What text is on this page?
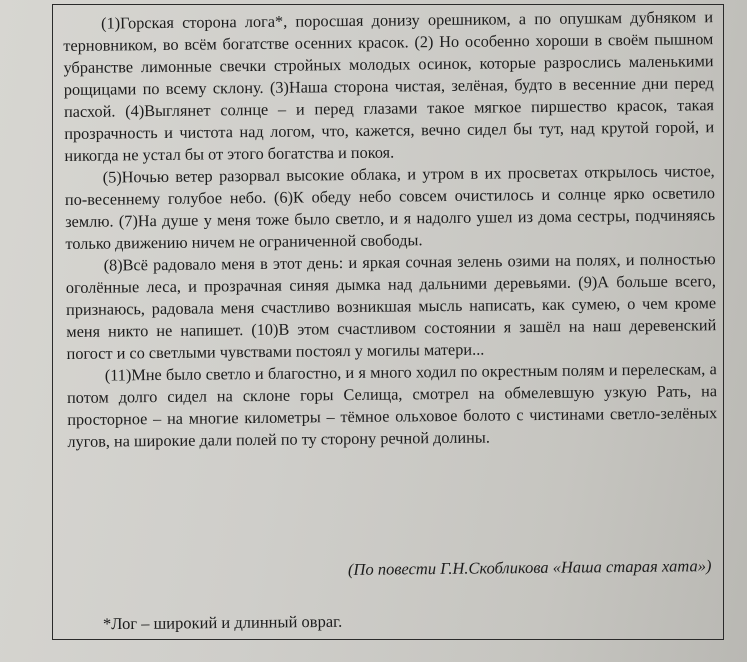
(1)Горская сторона лога*, поросшая донизу орешником, а по опушкам дубняком и терновником, во всём богатстве осенних красок. (2) Но особенно хороши в своём пышном убранстве лимонные свечки стройных молодых осинок, которые разрослись маленькими рощицами по всему склону. (3)Наша сторона чистая, зелёная, будто в весенние дни перед пасхой. (4)Выглянет солнце – и перед глазами такое мягкое пиршество красок, такая прозрачность и чистота над логом, что, кажется, вечно сидел бы тут, над крутой горой, и никогда не устал бы от этого богатства и покоя.

(5)Ночью ветер разорвал высокие облака, и утром в их просветах открылось чистое, по-весеннему голубое небо. (6)К обеду небо совсем очистилось и солнце ярко осветило землю. (7)На душе у меня тоже было светло, и я надолго ушел из дома сестры, подчиняясь только движению ничем не ограниченной свободы.

(8)Всё радовало меня в этот день: и яркая сочная зелень озими на полях, и полностью оголённые леса, и прозрачная синяя дымка над дальними деревьями. (9)А больше всего, признаюсь, радовала меня счастливо возникшая мысль написать, как сумею, о чем кроме меня никто не напишет. (10)В этом счастливом состоянии я зашёл на наш деревенский погост и со светлыми чувствами постоял у могилы матери...

(11)Мне было светло и благостно, и я много ходил по окрестным полям и перелескам, а потом долго сидел на склоне горы Селища, смотрел на обмелевшую узкую Рать, на просторное – на многие километры – тёмное ольховое болото с чистинами светло-зелёных лугов, на широкие дали полей по ту сторону речной долины.

(По повести Г.Н.Скобликова «Наша старая хата»)
*Лог – широкий и длинный овраг.
